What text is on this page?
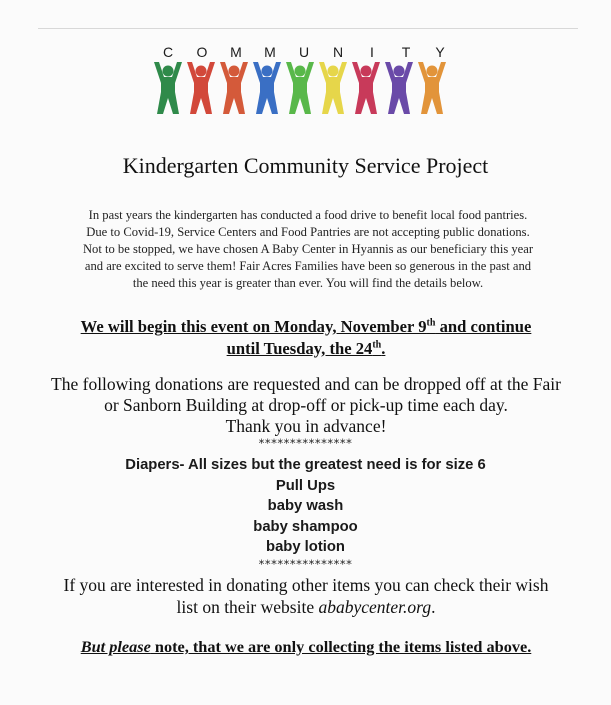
C	O	M M	U	N	I	T	Y
Kindergarten Community Service Project
In past years the kindergarten has conducted a food drive to benefit local food pantries.
Due to Covid-19, Service Centers and Food Pantries are not accepting public donations.
Not to be stopped, we have chosen A Baby Center in Hyannis as our beneficiary this year
and are excited to serve them! Fair Acres Families have been so generous in the past and
the need this year is greater than ever. You will find the details below.
We will begin this event on Monday, November 9th and continue
until Tuesday, the 24th.
The following donations are requested and can be dropped off at the Fair
or Sanborn Building at drop-off or pick-up time each day.
Thank you in advance!
***************
Diapers- All sizes but the greatest need is for size 6
Pull Ups
baby wash
baby shampoo
baby lotion
***************
If you are interested in donating other items you can check their wish
list on their website ababycenter.org.
But please note, that we are only collecting the items listed above.
